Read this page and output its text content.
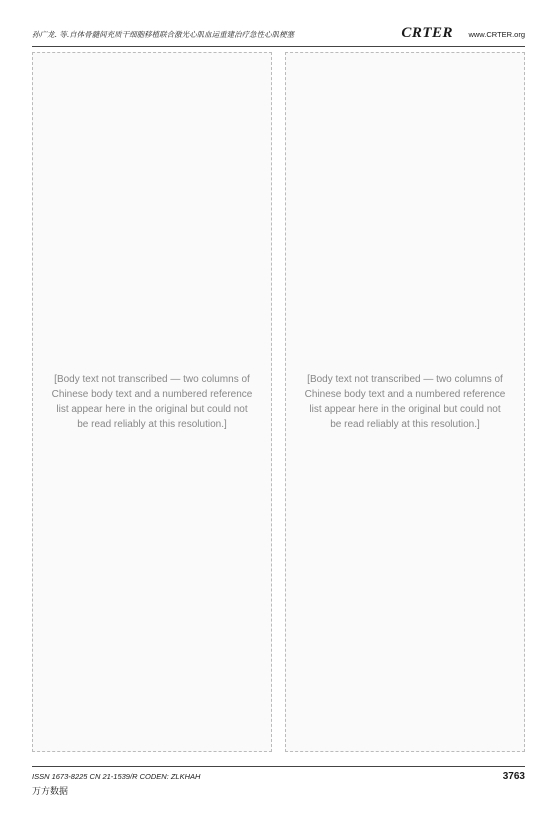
孙广龙. 等.自体骨髓间充质干细胞移植联合激光心肌血运重建治疗急性心肌梗塞	CRTER www.CRTER.org
[Body text not transcribed — two columns of Chinese body text and a numbered reference list appear here in the original but could not be read reliably at this resolution.]
[Body text not transcribed — two columns of Chinese body text and a numbered reference list appear here in the original but could not be read reliably at this resolution.]
ISSN 1673-8225 CN 21-1539/R CODEN: ZLKHAH
万方数据
3763
